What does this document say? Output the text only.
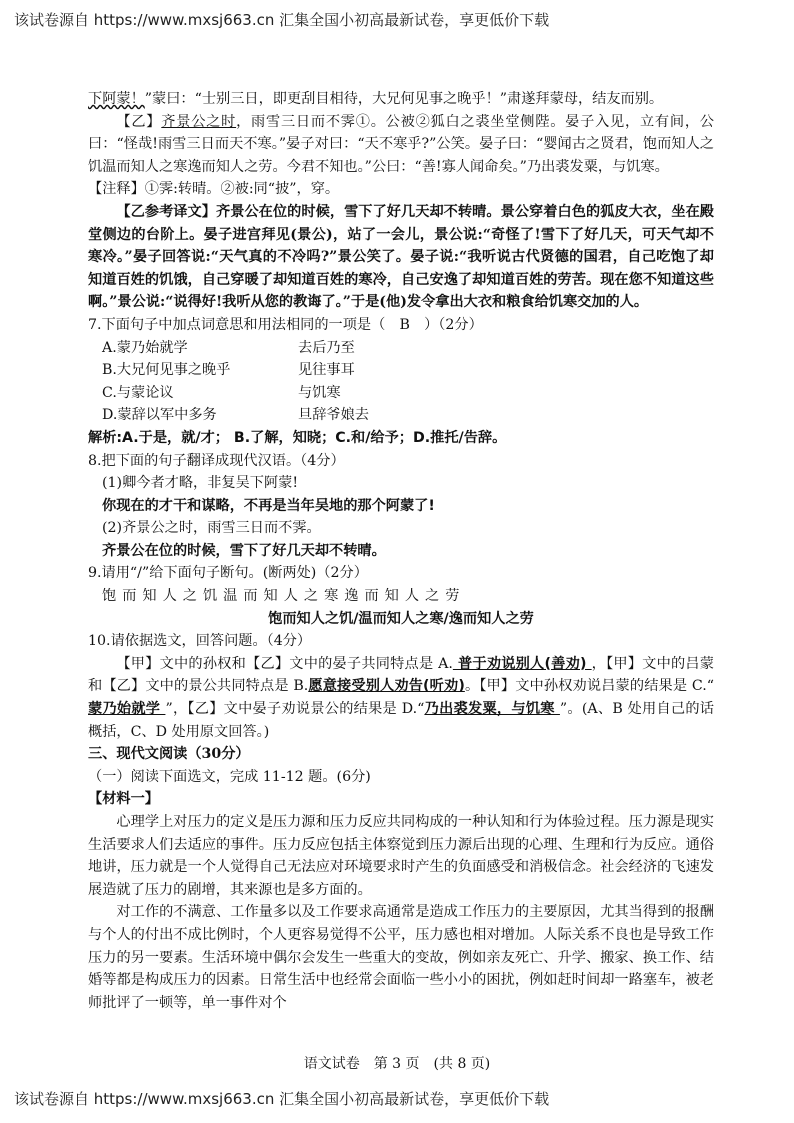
该试卷源自 https://www.mxsj663.cn 汇集全国小初高最新试卷，享更低价下载

下阿蒙！”蒙曰：“士别三日，即更刮目相待，大兄何见事之晚乎！”肃遂拜蒙母，结友而别。

【乙】齐景公之时，雨雪三日而不霁①。公被②狐白之裘坐堂侧陛。晏子入见，立有间，公曰：“怪哉!雨雪三日而天不寒。”晏子对曰：“天不寒乎?”公笑。晏子曰：“婴闻古之贤君，饱而知人之饥温而知人之寒逸而知人之劳。今君不知也。”公曰：“善!寡人闻命矣。”乃出裘发粟，与饥寒。

【注释】①霁:转晴。②被:同“披”，穿。

【乙参考译文】齐景公在位的时候，雪下了好几天却不转晴。景公穿着白色的狐皮大衣，坐在殿堂侧边的台阶上。晏子进宫拜见(景公)，站了一会儿，景公说:“奇怪了!雪下了好几天，可天气却不寒冷。”晏子回答说:“天气真的不冷吗?”景公笑了。晏子说:“我听说古代贤德的国君，自己吃饱了却知道百姓的饥饿，自己穿暖了却知道百姓的寒冷，自己安逸了却知道百姓的劳苦。现在您不知道这些啊。”景公说:“说得好!我听从您的教诲了。”于是(他)发令拿出大衣和粮食给饥寒交加的人。

7.下面句子中加点词意思和用法相同的一项是（　B　）（2分）

A.蒙乃始就学	去后乃至
B.大兄何见事之晚乎	见往事耳
C.与蒙论议	与饥寒
D.蒙辞以军中多务	旦辞爷娘去

解析:A.于是，就/才； B.了解，知晓；C.和/给予；D.推托/告辞。

8.把下面的句子翻译成现代汉语。（4分）

(1)卿今者才略，非复吴下阿蒙!

你现在的才干和谋略，不再是当年吴地的那个阿蒙了!

(2)齐景公之时，雨雪三日而不霁。

齐景公在位的时候，雪下了好几天却不转晴。

9.请用“/”给下面句子断句。(断两处)（2分）

饱而知人之饥温而知人之寒逸而知人之劳

饱而知人之饥/温而知人之寒/逸而知人之劳

10.请依据选文，回答问题。（4分）

【甲】文中的孙权和【乙】文中的晏子共同特点是 A. 普于劝说别人(善劝) ，【甲】文中的吕蒙和【乙】文中的景公共同特点是 B.愿意接受别人劝告(听劝)。【甲】文中孙权劝说吕蒙的结果是 C.“ 蒙乃始就学 ”，【乙】文中晏子劝说景公的结果是 D.“乃出裘发粟，与饥寒 ”。(A、B 处用自己的话概括，C、D 处用原文回答。)

三、现代文阅读（30分）

（一）阅读下面选文，完成 11-12 题。(6分)

【材料一】

心理学上对压力的定义是压力源和压力反应共同构成的一种认知和行为体验过程。压力源是现实生活要求人们去适应的事件。压力反应包括主体察觉到压力源后出现的心理、生理和行为反应。通俗地讲，压力就是一个人觉得自己无法应对环境要求时产生的负面感受和消极信念。社会经济的飞速发展造就了压力的剧增，其来源也是多方面的。

对工作的不满意、工作量多以及工作要求高通常是造成工作压力的主要原因，尤其当得到的报酬与个人的付出不成比例时，个人更容易觉得不公平，压力感也相对增加。人际关系不良也是导致工作压力的另一要素。生活环境中偶尔会发生一些重大的变故，例如亲友死亡、升学、搬家、换工作、结婚等都是构成压力的因素。日常生活中也经常会面临一些小小的困扰，例如赶时间却一路塞车，被老师批评了一顿等，单一事件对个

语文试卷　第 3 页　(共 8 页)
该试卷源自 https://www.mxsj663.cn 汇集全国小初高最新试卷，享更低价下载
